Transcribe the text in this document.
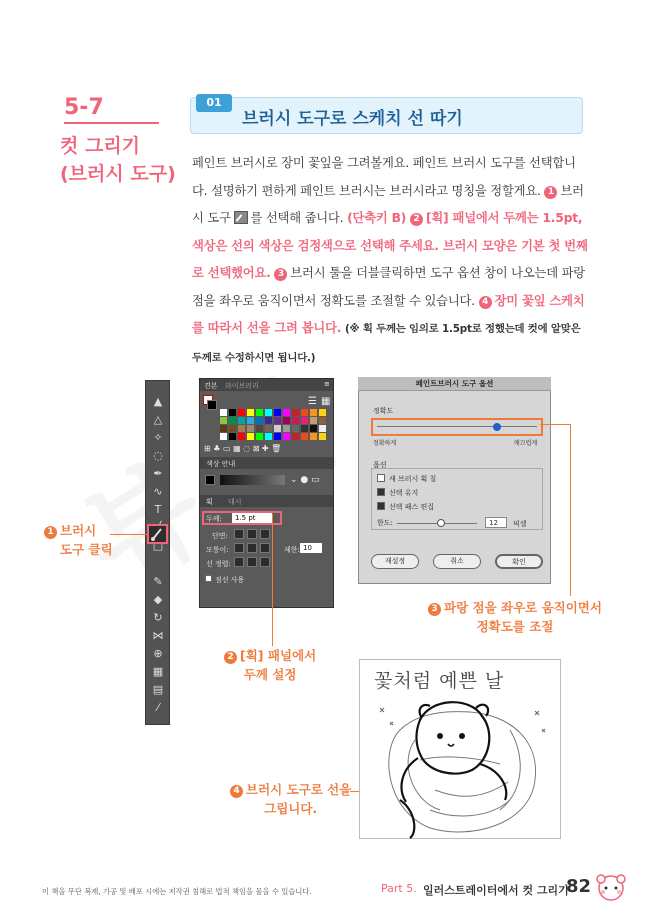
5-7
컷 그리기
(브러시 도구)
01
브러시 도구로 스케치 선 따기
페인트 브러시로 장미 꽃잎을 그려볼게요. 페인트 브러시 도구를 선택합니다. 설명하기 편하게 페인트 브러시는 브러시라고 명칭을 정할게요. 1 브러시 도구 를 선택해 줍니다. (단축키 B) 2 [획] 패널에서 두께는 1.5pt, 색상은 선의 색상은 검정색으로 선택해 주세요. 브러시 모양은 기본 첫 번째로 선택했어요. 3 브러시 툴을 더블클릭하면 도구 옵션 창이 나오는데 파랑 점을 좌우로 움직이면서 정확도를 조절할 수 있습니다. 4 장미 꽃잎 스케치를 따라서 선을 그려 봅니다. (※ 획 두께는 임의로 1.5pt로 정했는데 컷에 알맞은 두께로 수정하시면 됩니다.)
▲
△
✧
◌
✒
∿
T
✎
◆
↻
⋈
⊕
▦
▤
⁄
견본 라이브러리	≡
☰ ▦
⊞ ♣ ▭ ▦ ◌ ⊠ ✚ 🗑
색상 안내
⌄ ● ▭
획 대시
두께:	1.5 pt
단면:
모퉁이:	제한: 10
선 정렬:
점선 사용
정확도
정확하게	매끄럽게
옵션
새 브러시 획 칠
선택 유지
선택 패스 편집
한도:	12	픽셀
재설정	취소	확인
페인트브러시 도구 옵션
1 브러시
도구 클릭
2 [획] 패널에서
두께 설정
3 파랑 점을 좌우로 움직이면서
정확도를 조절
4 브러시 도구로 선을
그립니다.
꽃처럼 예쁜 날
이 책을 무단 복제, 가공 및 배포 시에는 저작권 침해로 법적 책임을 물을 수 있습니다.	Part 5. 일러스트레이터에서 컷 그리기
82
